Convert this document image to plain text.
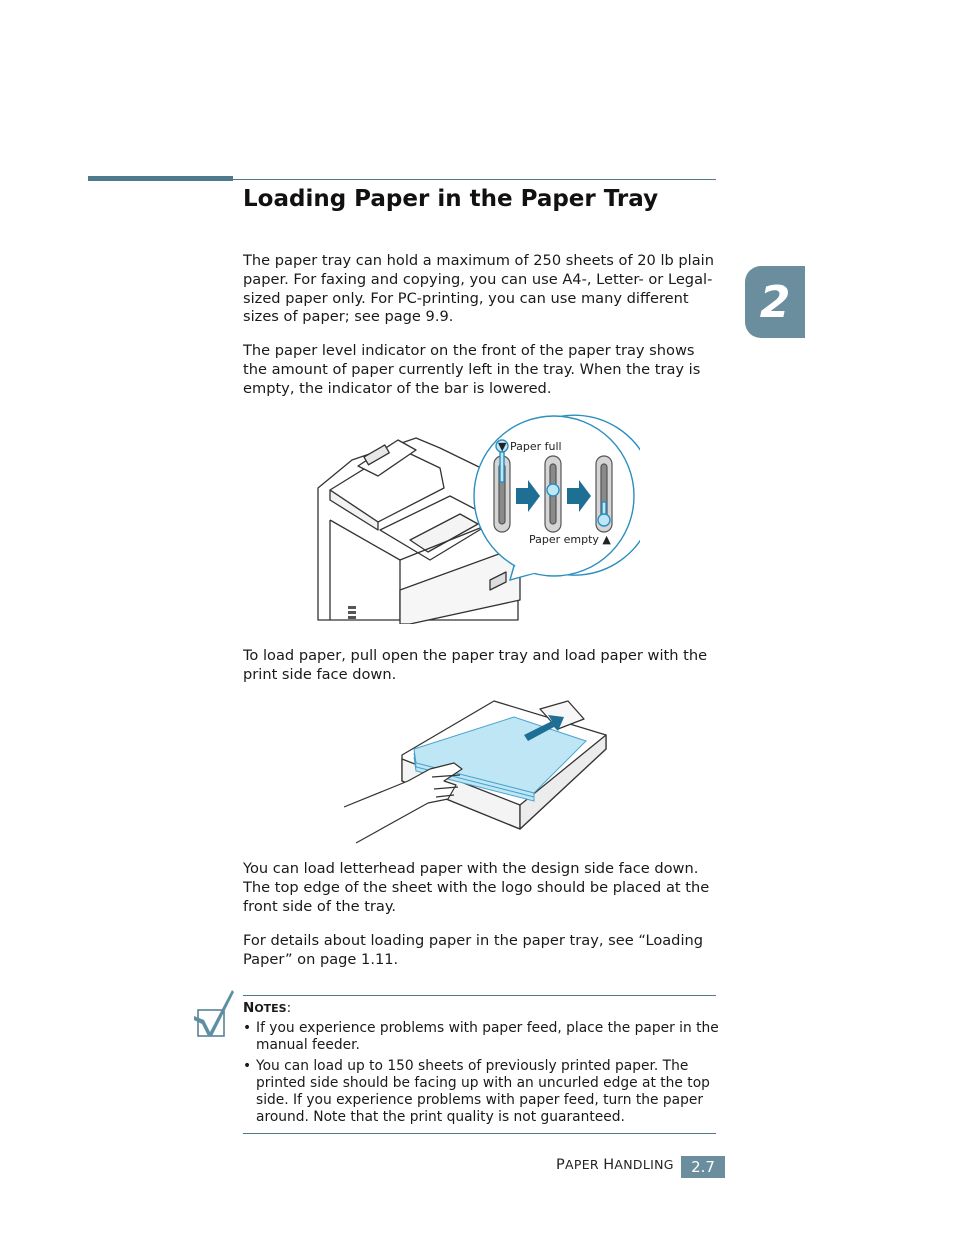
Loading Paper in the Paper Tray
2
The paper tray can hold a maximum of 250 sheets of 20 lb plain paper. For faxing and copying, you can use A4-, Letter- or Legal-sized paper only. For PC-printing, you can use many different sizes of paper; see page 9.9.
The paper level indicator on the front of the paper tray shows the amount of paper currently left in the tray. When the tray is empty, the indicator of the bar is lowered.
▼ Paper full
Paper empty ▲
To load paper, pull open the paper tray and load paper with the print side face down.
You can load letterhead paper with the design side face down. The top edge of the sheet with the logo should be placed at the front side of the tray.
For details about loading paper in the paper tray, see “Loading Paper” on page 1.11.
NOTES:
• If you experience problems with paper feed, place the paper in the manual feeder.
• You can load up to 150 sheets of previously printed paper. The printed side should be facing up with an uncurled edge at the top side. If you experience problems with paper feed, turn the paper around. Note that the print quality is not guaranteed.
PAPER HANDLING	2.7
